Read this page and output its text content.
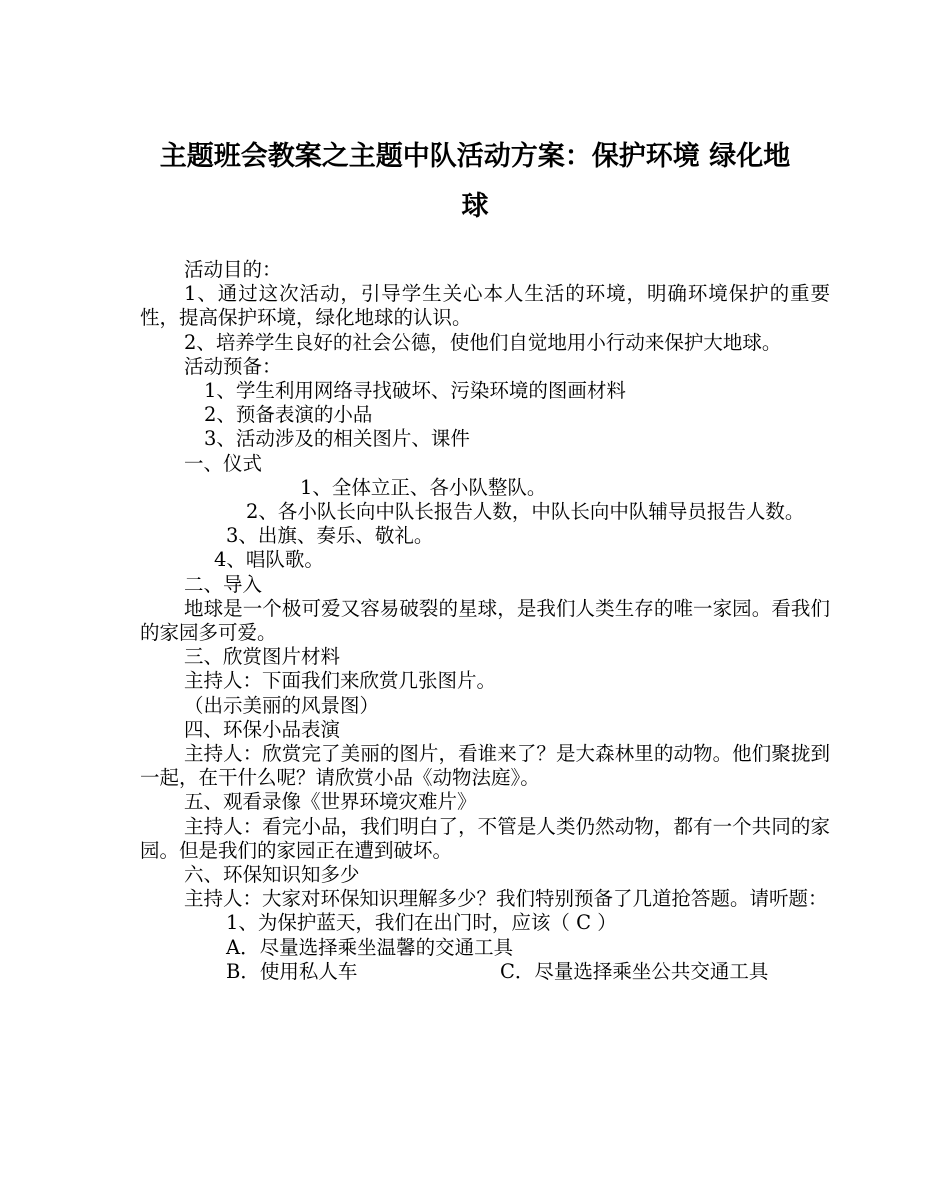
主题班会教案之主题中队活动方案：保护环境 绿化地
球

活动目的：

1、通过这次活动，引导学生关心本人生活的环境，明确环境保护的重要性，提高保护环境，绿化地球的认识。

2、培养学生良好的社会公德，使他们自觉地用小行动来保护大地球。

活动预备：

1、学生利用网络寻找破坏、污染环境的图画材料

2、预备表演的小品

3、活动涉及的相关图片、课件

一、仪式

1、全体立正、各小队整队。

2、各小队长向中队长报告人数，中队长向中队辅导员报告人数。

3、出旗、奏乐、敬礼。

4、唱队歌。

二、导入

地球是一个极可爱又容易破裂的星球，是我们人类生存的唯一家园。看我们的家园多可爱。

三、欣赏图片材料

主持人：下面我们来欣赏几张图片。

（出示美丽的风景图）

四、环保小品表演

主持人：欣赏完了美丽的图片，看谁来了？是大森林里的动物。他们聚拢到一起，在干什么呢？请欣赏小品《动物法庭》。

五、观看录像《世界环境灾难片》

主持人：看完小品，我们明白了，不管是人类仍然动物，都有一个共同的家园。但是我们的家园正在遭到破坏。

六、环保知识知多少

主持人：大家对环保知识理解多少？我们特别预备了几道抢答题。请听题：

1、为保护蓝天，我们在出门时，应该（ C ）

A．尽量选择乘坐温馨的交通工具

B．使用私人车	C．尽量选择乘坐公共交通工具
